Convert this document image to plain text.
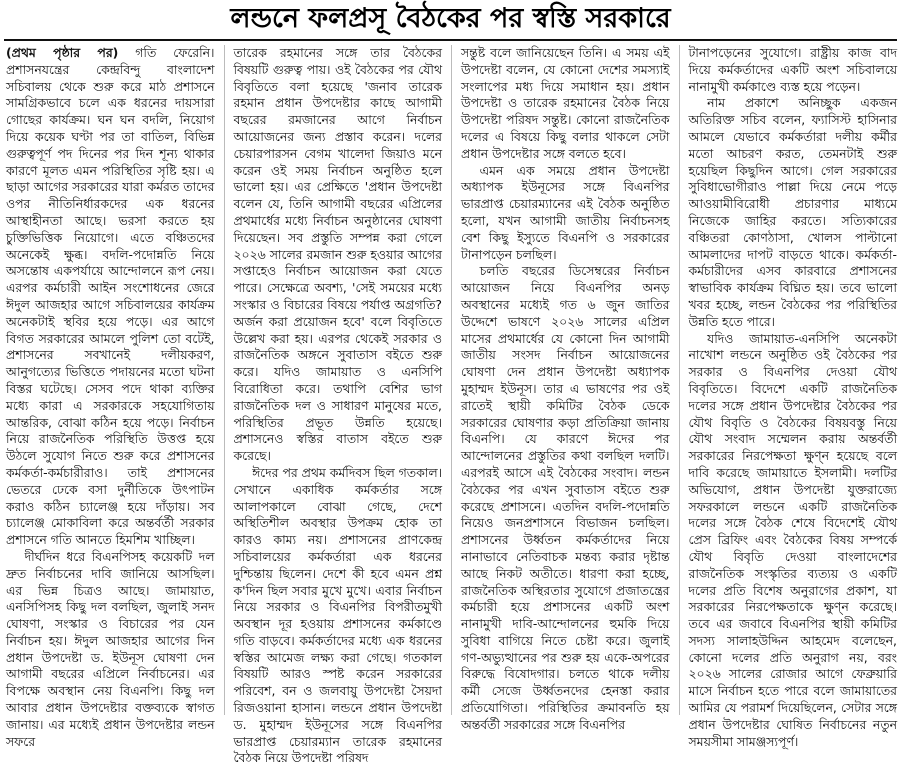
লন্ডনে ফলপ্রসূ বৈঠকের পর স্বস্তি সরকারে

(প্রথম পৃষ্ঠার পর) গতি ফেরেনি। প্রশাসনযন্ত্রের কেন্দ্রবিন্দু বাংলাদেশ সচিবালয় থেকে শুরু করে মাঠ প্রশাসনে সামগ্রিকভাবে চলে এক ধরনের দায়সারা গোছের কার্যক্রম। ঘন ঘন বদলি, নিয়োগ দিয়ে কয়েক ঘণ্টা পর তা বাতিল, বিভিন্ন গুরুত্বপূর্ণ পদ দিনের পর দিন শূন্য থাকার কারণে মূলত এমন পরিস্থিতির সৃষ্টি হয়। এ ছাড়া আগের সরকারের যারা কর্মরত তাদের ওপর নীতিনির্ধারকদের এক ধরনের আস্থাহীনতা আছে। ভরসা করতে হয় চুক্তিভিত্তিক নিয়োগে। এতে বঞ্চিতদের অনেকেই ক্ষুব্ধ। বদলি-পদোন্নতি নিয়ে অসন্তোষ একপর্যায়ে আন্দোলনে রূপ নেয়। এরপর কর্মচারী আইন সংশোধনের জেরে ঈদুল আজহার আগে সচিবালয়ের কার্যক্রম অনেকটাই স্থবির হয়ে পড়ে। এর আগে বিগত সরকারের আমলে পুলিশ তো বটেই, প্রশাসনের সবখানেই দলীয়করণ, আনুগত্যের ভিত্তিতে পদায়নের মতো ঘটনা বিস্তর ঘটেছে। সেসব পদে থাকা ব্যক্তির মধ্যে কারা এ সরকারকে সহযোগিতায় আন্তরিক, বোঝা কঠিন হয়ে পড়ে। নির্বাচন নিয়ে রাজনৈতিক পরিস্থিতি উত্তপ্ত হয়ে উঠলে সুযোগ নিতে শুরু করে প্রশাসনের কর্মকর্তা-কর্মচারীরাও। তাই প্রশাসনের ভেতরে ঢেকে বসা দুর্নীতিকে উৎপাটন করাও কঠিন চ্যালেঞ্জ হয়ে দাঁড়ায়। সব চ্যালেঞ্জ মোকাবিলা করে অন্তর্বর্তী সরকার প্রশাসনে গতি আনতে হিমশিম খাচ্ছিল।

দীর্ঘদিন ধরে বিএনপিসহ কয়েকটি দল দ্রুত নির্বাচনের দাবি জানিয়ে আসছিল। এর ভিন্ন চিত্রও আছে। জামায়াত, এনসিপিসহ কিছু দল বলছিল, জুলাই সনদ ঘোষণা, সংস্কার ও বিচারের পর যেন নির্বাচন হয়। ঈদুল আজহার আগের দিন প্রধান উপদেষ্টা ড. ইউনূস ঘোষণা দেন আগামী বছরের এপ্রিলে নির্বাচনের। এর বিপক্ষে অবস্থান নেয় বিএনপি। কিছু দল আবার প্রধান উপদেষ্টার বক্তব্যকে স্বাগত জানায়। এর মধ্যেই প্রধান উপদেষ্টার লন্ডন সফরে

তারেক রহমানের সঙ্গে তার বৈঠকের বিষয়টি গুরুত্ব পায়। ওই বৈঠকের পর যৌথ বিবৃতিতে বলা হয়েছে 'জনাব তারেক রহমান প্রধান উপদেষ্টার কাছে আগামী বছরের রমজানের আগে নির্বাচন আয়োজনের জন্য প্রস্তাব করেন। দলের চেয়ারপারসন বেগম খালেদা জিয়াও মনে করেন ওই সময় নির্বাচন অনুষ্ঠিত হলে ভালো হয়। এর প্রেক্ষিতে 'প্রধান উপদেষ্টা বলেন যে, তিনি আগামী বছরের এপ্রিলের প্রথমার্ধের মধ্যে নির্বাচন অনুষ্ঠানের ঘোষণা দিয়েছেন। সব প্রস্তুতি সম্পন্ন করা গেলে ২০২৬ সালের রমজান শুরু হওয়ার আগের সপ্তাহেও নির্বাচন আয়োজন করা যেতে পারে। সেক্ষেত্রে অবশ্য, 'সেই সময়ের মধ্যে সংস্কার ও বিচারের বিষয়ে পর্যাপ্ত অগ্রগতি? অর্জন করা প্রয়োজন হবে' বলে বিবৃতিতে উল্লেখ করা হয়। এরপর থেকেই সরকার ও রাজনৈতিক অঙ্গনে সুবাতাস বইতে শুরু করে। যদিও জামায়াত ও এনসিপি বিরোধিতা করে। তথাপি বেশির ভাগ রাজনৈতিক দল ও সাধারণ মানুষের মতে, পরিস্থিতির প্রভূত উন্নতি হয়েছে। প্রশাসনেও স্বস্তির বাতাস বইতে শুরু করেছে।

ঈদের পর প্রথম কর্মদিবস ছিল গতকাল। সেখানে একাধিক কর্মকর্তার সঙ্গে আলাপকালে বোঝা গেছে, দেশে অস্থিতিশীল অবস্থার উপক্রম হোক তা কারও কাম্য নয়। প্রশাসনের প্রাণকেন্দ্র সচিবালয়ের কর্মকর্তারা এক ধরনের দুশ্চিন্তায় ছিলেন। দেশে কী হবে এমন প্রশ্ন ক'দিন ছিল সবার মুখে মুখে। এবার নির্বাচন নিয়ে সরকার ও বিএনপির বিপরীতমুখী অবস্থান দূর হওয়ায় প্রশাসনের কর্মকাণ্ডে গতি বাড়বে। কর্মকর্তাদের মধ্যে এক ধরনের স্বস্তির আমেজ লক্ষ্য করা গেছে। গতকাল বিষয়টি আরও স্পষ্ট করেন সরকারের পরিবেশ, বন ও জলবায়ু উপদেষ্টা সৈয়দা রিজওয়ানা হাসান। লন্ডনে প্রধান উপদেষ্টা ড. মুহাম্মদ ইউনূসের সঙ্গে বিএনপির ভারপ্রাপ্ত চেয়ারম্যান তারেক রহমানের বৈঠক নিয়ে উপদেষ্টা পরিষদ

সন্তুষ্ট বলে জানিয়েছেন তিনি। এ সময় এই উপদেষ্টা বলেন, যে কোনো দেশের সমস্যাই সংলাপের মধ্য দিয়ে সমাধান হয়। প্রধান উপদেষ্টা ও তারেক রহমানের বৈঠক নিয়ে উপদেষ্টা পরিষদ সন্তুষ্ট। কোনো রাজনৈতিক দলের এ বিষয়ে কিছু বলার থাকলে সেটা প্রধান উপদেষ্টার সঙ্গে বলতে হবে।

এমন এক সময়ে প্রধান উপদেষ্টা অধ্যাপক ইউনূসের সঙ্গে বিএনপির ভারপ্রাপ্ত চেয়ারম্যানের এই বৈঠক অনুষ্ঠিত হলো, যখন আগামী জাতীয় নির্বাচনসহ বেশ কিছু ইস্যুতে বিএনপি ও সরকারের টানাপড়েন চলছিল।

চলতি বছরের ডিসেম্বরের নির্বাচন আয়োজন নিয়ে বিএনপির অনড় অবস্থানের মধ্যেই গত ৬ জুন জাতির উদ্দেশে ভাষণে ২০২৬ সালের এপ্রিল মাসের প্রথমার্ধের যে কোনো দিন আগামী জাতীয় সংসদ নির্বাচন আয়োজনের ঘোষণা দেন প্রধান উপদেষ্টা অধ্যাপক মুহাম্মদ ইউনূস। তার এ ভাষণের পর ওই রাতেই স্থায়ী কমিটির বৈঠক ডেকে সরকারের ঘোষণার কড়া প্রতিক্রিয়া জানায় বিএনপি। যে কারণে ঈদের পর আন্দোলনের প্রস্তুতির কথা বলছিল দলটি। এরপরই আসে এই বৈঠকের সংবাদ। লন্ডন বৈঠকের পর এখন সুবাতাস বইতে শুরু করেছে প্রশাসনে। এতদিন বদলি-পদোন্নতি নিয়েও জনপ্রশাসনে বিভাজন চলছিল। প্রশাসনের উর্ধ্বতন কর্মকর্তাদের নিয়ে নানাভাবে নেতিবাচক মন্তব্য করার দৃষ্টান্ত আছে নিকট অতীতে। ধারণা করা হচ্ছে, রাজনৈতিক অস্থিরতার সুযোগে প্রজাতন্ত্রের কর্মচারী হয়ে প্রশাসনের একটি অংশ নানামুখী দাবি-আন্দোলনের হুমকি দিয়ে সুবিধা বাগিয়ে নিতে চেষ্টা করে। জুলাই গণ-অভ্যুত্থানের পর শুরু হয় একে-অপরের বিরুদ্ধে বিষোদগার। চলতে থাকে দলীয় কর্মী সেজে উর্ধ্বতনদের হেনস্তা করার প্রতিযোগিতা। পরিস্থিতির ক্রমাবনতি হয় অন্তর্বর্তী সরকারের সঙ্গে বিএনপির

টানাপড়েনের সুযোগে। রাষ্ট্রীয় কাজ বাদ দিয়ে কর্মকর্তাদের একটি অংশ সচিবালয়ে নানামুখী কর্মকাণ্ডে ব্যস্ত হয়ে পড়েন।

নাম প্রকাশে অনিচ্ছুক একজন অতিরিক্ত সচিব বলেন, ফ্যাসিস্ট হাসিনার আমলে যেভাবে কর্মকর্তারা দলীয় কর্মীর মতো আচরণ করত, তেমনটাই শুরু হয়েছিল কিছুদিন আগে। গেল সরকারের সুবিধাভোগীরাও পাল্লা দিয়ে নেমে পড়ে আওয়ামীবিরোধী প্রচারণার মাধ্যমে নিজেকে জাহির করতে। সত্যিকারের বঞ্চিতরা কোণঠাসা, খোলস পাল্টানো আমলাদের দাপট বাড়তে থাকে। কর্মকর্তা-কর্মচারীদের এসব কারবারে প্রশাসনের স্বাভাবিক কার্যক্রম বিঘ্নিত হয়। তবে ভালো খবর হচ্ছে, লন্ডন বৈঠকের পর পরিস্থিতির উন্নতি হতে পারে।

যদিও জামায়াত-এনসিপি অনেকটা নাখোশ লন্ডনে অনুষ্ঠিত ওই বৈঠকের পর সরকার ও বিএনপির দেওয়া যৌথ বিবৃতিতে। বিদেশে একটি রাজনৈতিক দলের সঙ্গে প্রধান উপদেষ্টার বৈঠকের পর যৌথ বিবৃতি ও বৈঠকের বিষয়বস্তু নিয়ে যৌথ সংবাদ সম্মেলন করায় অন্তর্বর্তী সরকারের নিরপেক্ষতা ক্ষুণ্ন হয়েছে বলে দাবি করেছে জামায়াতে ইসলামী। দলটির অভিযোগ, প্রধান উপদেষ্টা যুক্তরাজ্যে সফরকালে লন্ডনে একটি রাজনৈতিক দলের সঙ্গে বৈঠক শেষে বিদেশেই যৌথ প্রেস ব্রিফিং এবং বৈঠকের বিষয় সম্পর্কে যৌথ বিবৃতি দেওয়া বাংলাদেশের রাজনৈতিক সংস্কৃতির ব্যত্যয় ও একটি দলের প্রতি বিশেষ অনুরাগের প্রকাশ, যা সরকারের নিরপেক্ষতাকে ক্ষুণ্ন করেছে। তবে এর জবাবে বিএনপির স্থায়ী কমিটির সদস্য সালাহউদ্দিন আহমেদ বলেছেন, কোনো দলের প্রতি অনুরাগ নয়, বরং ২০২৬ সালের রোজার আগে ফেব্রুয়ারি মাসে নির্বাচন হতে পারে বলে জামায়াতের আমির যে পরামর্শ দিয়েছিলেন, সেটার সঙ্গে প্রধান উপদেষ্টার ঘোষিত নির্বাচনের নতুন সময়সীমা সামঞ্জস্যপূর্ণ।
